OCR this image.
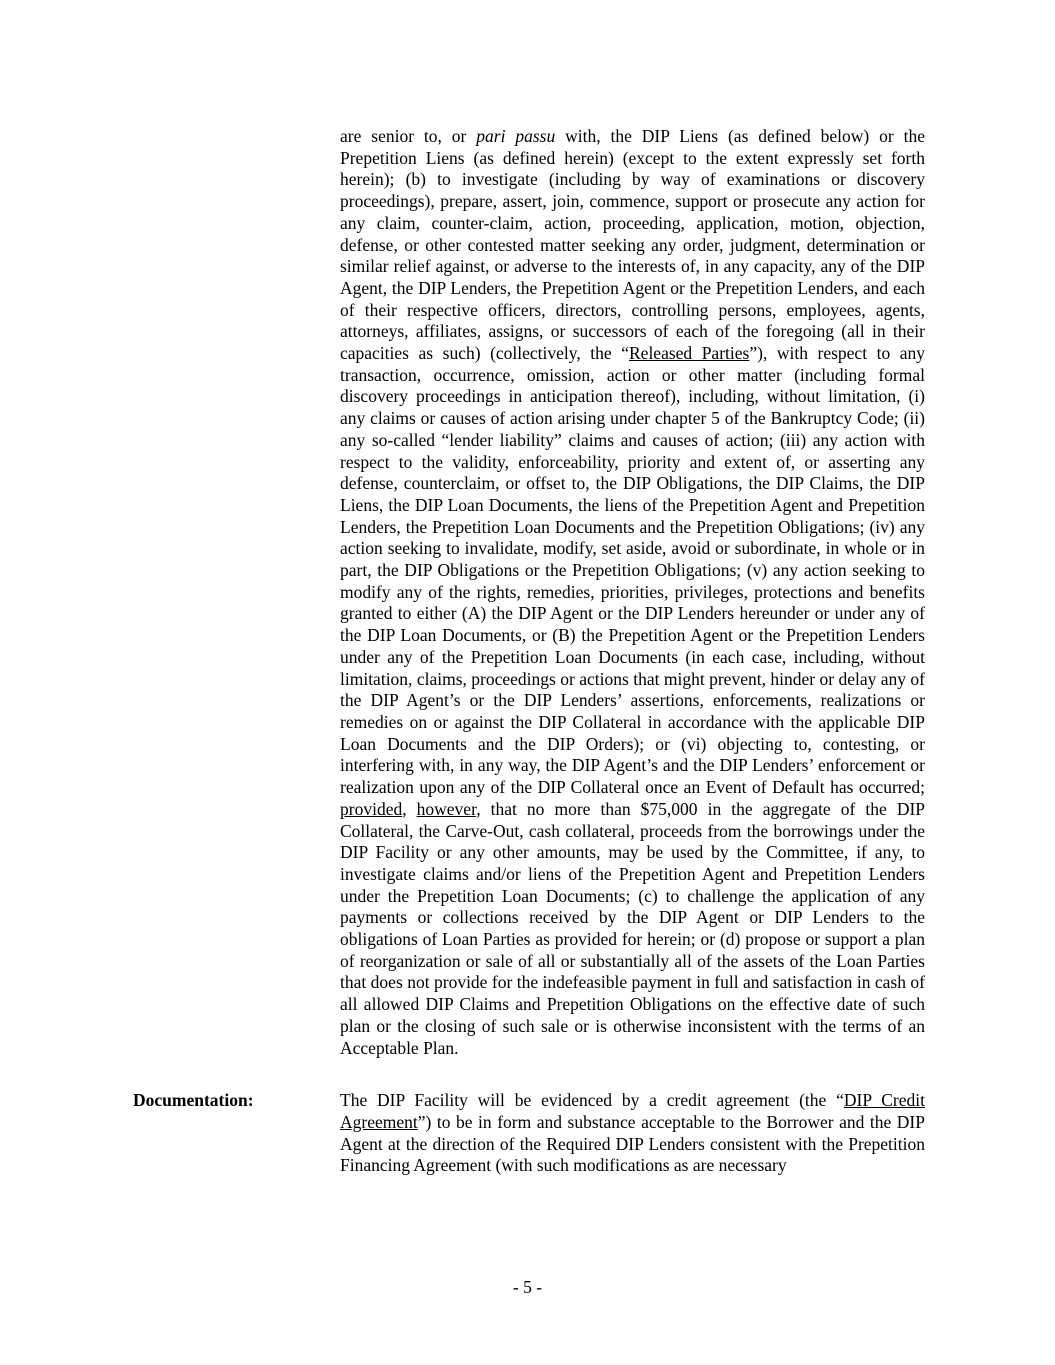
are senior to, or pari passu with, the DIP Liens (as defined below) or the Prepetition Liens (as defined herein) (except to the extent expressly set forth herein); (b) to investigate (including by way of examinations or discovery proceedings), prepare, assert, join, commence, support or prosecute any action for any claim, counter-claim, action, proceeding, application, motion, objection, defense, or other contested matter seeking any order, judgment, determination or similar relief against, or adverse to the interests of, in any capacity, any of the DIP Agent, the DIP Lenders, the Prepetition Agent or the Prepetition Lenders, and each of their respective officers, directors, controlling persons, employees, agents, attorneys, affiliates, assigns, or successors of each of the foregoing (all in their capacities as such) (collectively, the “Released Parties”), with respect to any transaction, occurrence, omission, action or other matter (including formal discovery proceedings in anticipation thereof), including, without limitation, (i) any claims or causes of action arising under chapter 5 of the Bankruptcy Code; (ii) any so-called “lender liability” claims and causes of action; (iii) any action with respect to the validity, enforceability, priority and extent of, or asserting any defense, counterclaim, or offset to, the DIP Obligations, the DIP Claims, the DIP Liens, the DIP Loan Documents, the liens of the Prepetition Agent and Prepetition Lenders, the Prepetition Loan Documents and the Prepetition Obligations; (iv) any action seeking to invalidate, modify, set aside, avoid or subordinate, in whole or in part, the DIP Obligations or the Prepetition Obligations; (v) any action seeking to modify any of the rights, remedies, priorities, privileges, protections and benefits granted to either (A) the DIP Agent or the DIP Lenders hereunder or under any of the DIP Loan Documents, or (B) the Prepetition Agent or the Prepetition Lenders under any of the Prepetition Loan Documents (in each case, including, without limitation, claims, proceedings or actions that might prevent, hinder or delay any of the DIP Agent’s or the DIP Lenders’ assertions, enforcements, realizations or remedies on or against the DIP Collateral in accordance with the applicable DIP Loan Documents and the DIP Orders); or (vi) objecting to, contesting, or interfering with, in any way, the DIP Agent’s and the DIP Lenders’ enforcement or realization upon any of the DIP Collateral once an Event of Default has occurred; provided, however, that no more than $75,000 in the aggregate of the DIP Collateral, the Carve-Out, cash collateral, proceeds from the borrowings under the DIP Facility or any other amounts, may be used by the Committee, if any, to investigate claims and/or liens of the Prepetition Agent and Prepetition Lenders under the Prepetition Loan Documents; (c) to challenge the application of any payments or collections received by the DIP Agent or DIP Lenders to the obligations of Loan Parties as provided for herein; or (d) propose or support a plan of reorganization or sale of all or substantially all of the assets of the Loan Parties that does not provide for the indefeasible payment in full and satisfaction in cash of all allowed DIP Claims and Prepetition Obligations on the effective date of such plan or the closing of such sale or is otherwise inconsistent with the terms of an Acceptable Plan.

Documentation:	The DIP Facility will be evidenced by a credit agreement (the “DIP Credit Agreement”) to be in form and substance acceptable to the Borrower and the DIP Agent at the direction of the Required DIP Lenders consistent with the Prepetition Financing Agreement (with such modifications as are necessary

- 5 -
